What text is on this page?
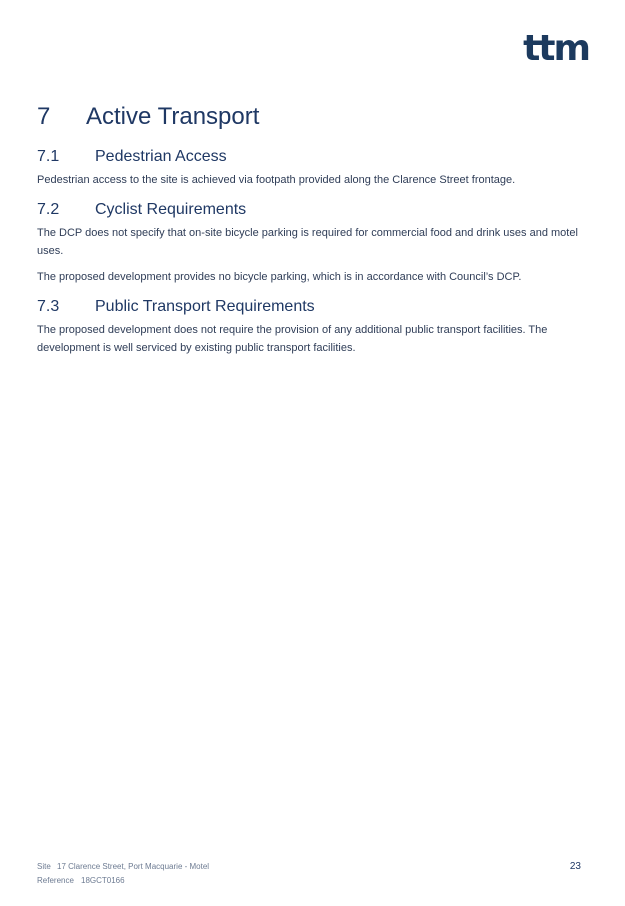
ttm
7 Active Transport
7.1 Pedestrian Access

Pedestrian access to the site is achieved via footpath provided along the Clarence Street frontage.

7.2 Cyclist Requirements

The DCP does not specify that on-site bicycle parking is required for commercial food and drink uses and motel uses.

The proposed development provides no bicycle parking, which is in accordance with Council’s DCP.

7.3 Public Transport Requirements

The proposed development does not require the provision of any additional public transport facilities. The development is well serviced by existing public transport facilities.

Site 17 Clarence Street, Port Macquarie - Motel
Reference 18GCT0166
23
